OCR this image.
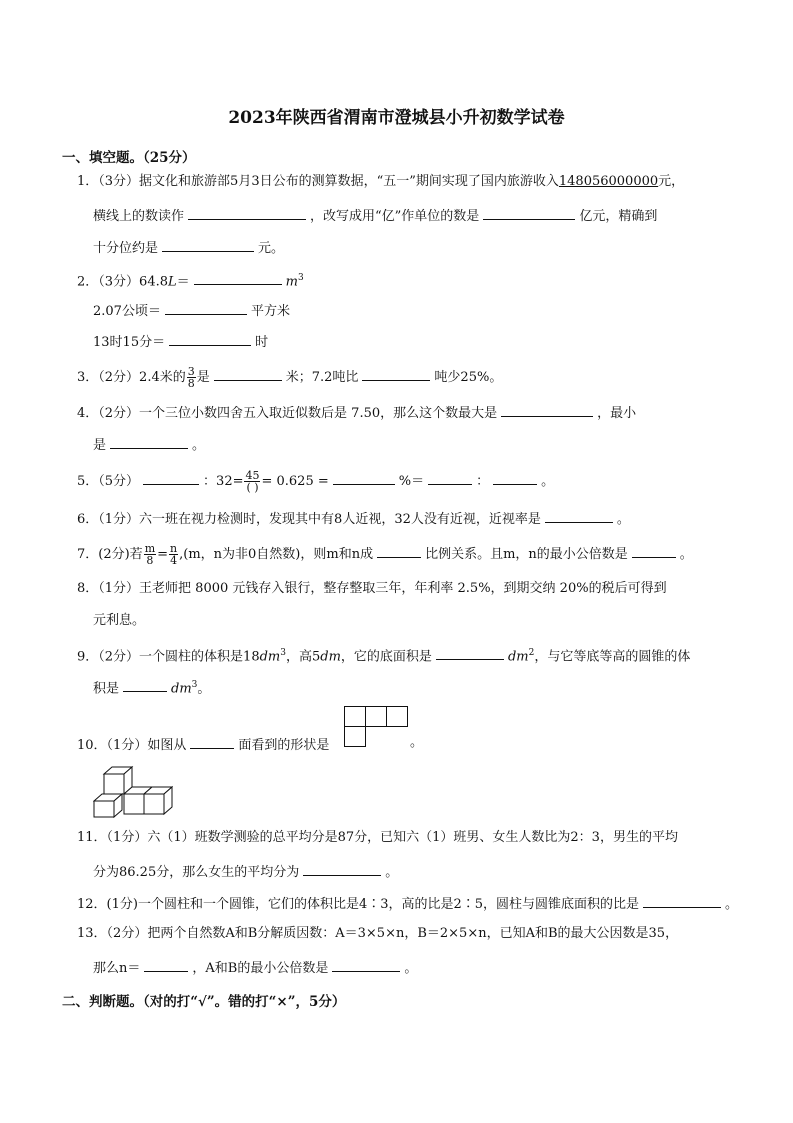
2023年陕西省渭南市澄城县小升初数学试卷
一、填空题。（25分）
1．（3分）据文化和旅游部5月3日公布的测算数据，“五一”期间实现了国内旅游收入148056000000元，
横线上的数读作	，改写成用“亿”作单位的数是	亿元，精确到
十分位约是	元。
2．（3分）64.8L＝	$m^3$
2.07公顷＝	平方米
13时15分＝	时
3．（2分）2.4米的 $\frac{3}{8}$ 是	米；7.2吨比	吨少25%。
4．（2分）一个三位小数四舍五入取近似数后是 7.50，那么这个数最大是	，最小
是	。
5．（5分）	：$32= \frac{45}{( )} = 0.625$ =	%＝	：	。
6．（1分）六一班在视力检测时，发现其中有8人近视，32人没有近视，近视率是	。
7．(2分)若 $\frac{m}{8} = \frac{n}{4} ,(m$，n为非0自然数)，则m和n成	比例关系。且m，n的最小公倍数是	。
8．（1分）王老师把 8000 元钱存入银行，整存整取三年，年利率 2.5%，到期交纳 20%的税后可得到
元利息。
9．（2分）一个圆柱的体积是$18dm^3$，高5dm，它的底面积是	$dm^2$，与它等底等高的圆锥的体
积是	$dm^3$。
10．（1分）如图从	面看到的形状是	。
11．（1分）六（1）班数学测验的总平均分是87分，已知六（1）班男、女生人数比为2：3，男生的平均
分为86.25分，那么女生的平均分为	。
12．(1分)一个圆柱和一个圆锥，它们的体积比是4∶3，高的比是2∶5，圆柱与圆锥底面积的比是	。
13．（2分）把两个自然数A和B分解质因数：A＝3×5×n，B＝2×5×n，已知A和B的最大公因数是35，
那么n＝	，A和B的最小公倍数是	。
二、判断题。（对的打“√”。错的打“×”，5分）
